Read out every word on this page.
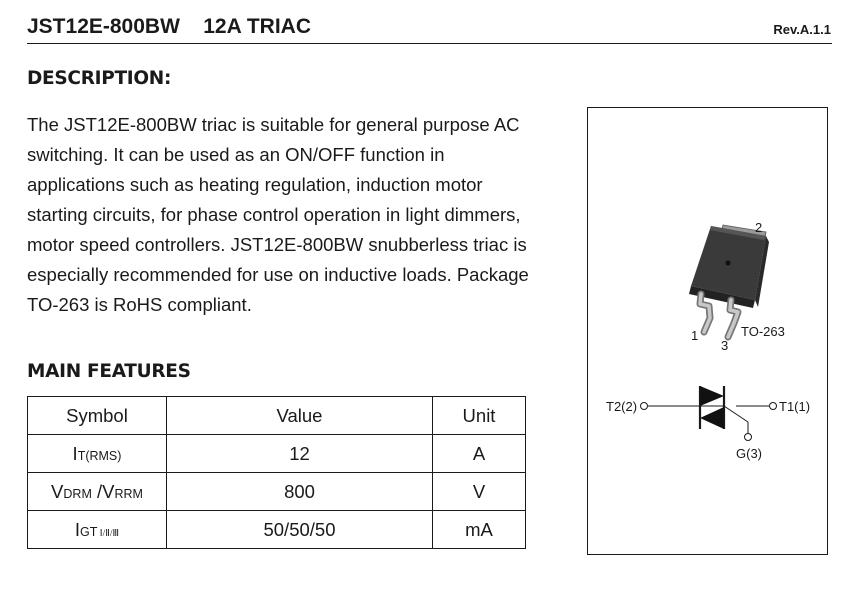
JST12E-800BW 12A TRIAC	Rev.A.1.1
DESCRIPTION:
The JST12E-800BW triac is suitable for general purpose AC
switching. It can be used as an ON/OFF function in
applications such as heating regulation, induction motor
starting circuits, for phase control operation in light dimmers,
motor speed controllers. JST12E-800BW snubberless triac is
especially recommended for use on inductive loads. Package
TO-263 is RoHS compliant.
MAIN FEATURES
Symbol	Value	Unit
IT(RMS)	12	A
VDRM /VRRM	800	V
IGT Ⅰ/Ⅱ/Ⅲ	50/50/50	mA
2
1
3
TO-263
T2(2)	T1(1)
G(3)
